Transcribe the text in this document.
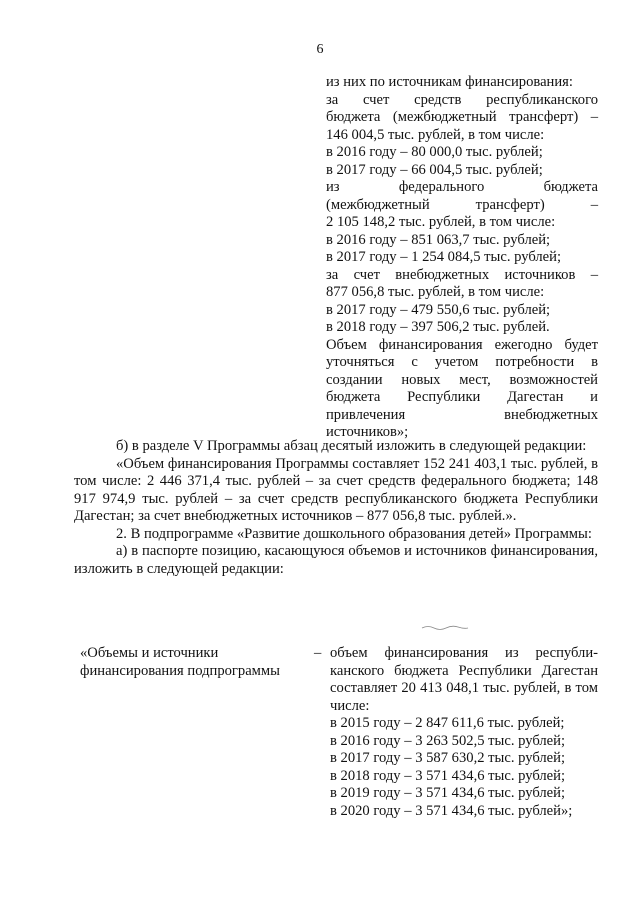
6
из них по источникам финансирования:
за счет средств республиканского
бюджета (межбюджетный трансферт) –
146 004,5 тыс. рублей, в том числе:
в 2016 году – 80 000,0 тыс. рублей;
в 2017 году – 66 004,5 тыс. рублей;
из федерального бюджета
(межбюджетный трансферт) –
2 105 148,2 тыс. рублей, в том числе:
в 2016 году – 851 063,7 тыс. рублей;
в 2017 году – 1 254 084,5 тыс. рублей;
за счет внебюджетных источников –
877 056,8 тыс. рублей, в том числе:
в 2017 году – 479 550,6 тыс. рублей;
в 2018 году – 397 506,2 тыс. рублей.
Объем финансирования ежегодно будет
уточняться с учетом потребности в
создании новых мест, возможностей
бюджета Республики Дагестан и
привлечения внебюджетных
источников»;

б) в разделе V Программы абзац десятый изложить в следующей редакции:

«Объем финансирования Программы составляет 152 241 403,1 тыс. рублей, в том числе: 2 446 371,4 тыс. рублей – за счет средств федерального бюджета; 148 917 974,9 тыс. рублей – за счет средств республиканского бюджета Республики Дагестан; за счет внебюджетных источников – 877 056,8 тыс. рублей.».

2. В подпрограмме «Развитие дошкольного образования детей» Программы:

а) в паспорте позицию, касающуюся объемов и источников финансирования, изложить в следующей редакции:

«Объемы и источники финансирования подпрограммы
– объем финансирования из республи-
канского бюджета Республики Дагестан
составляет 20 413 048,1 тыс. рублей, в том
числе:
в 2015 году – 2 847 611,6 тыс. рублей;
в 2016 году – 3 263 502,5 тыс. рублей;
в 2017 году – 3 587 630,2 тыс. рублей;
в 2018 году – 3 571 434,6 тыс. рублей;
в 2019 году – 3 571 434,6 тыс. рублей;
в 2020 году – 3 571 434,6 тыс. рублей»;
